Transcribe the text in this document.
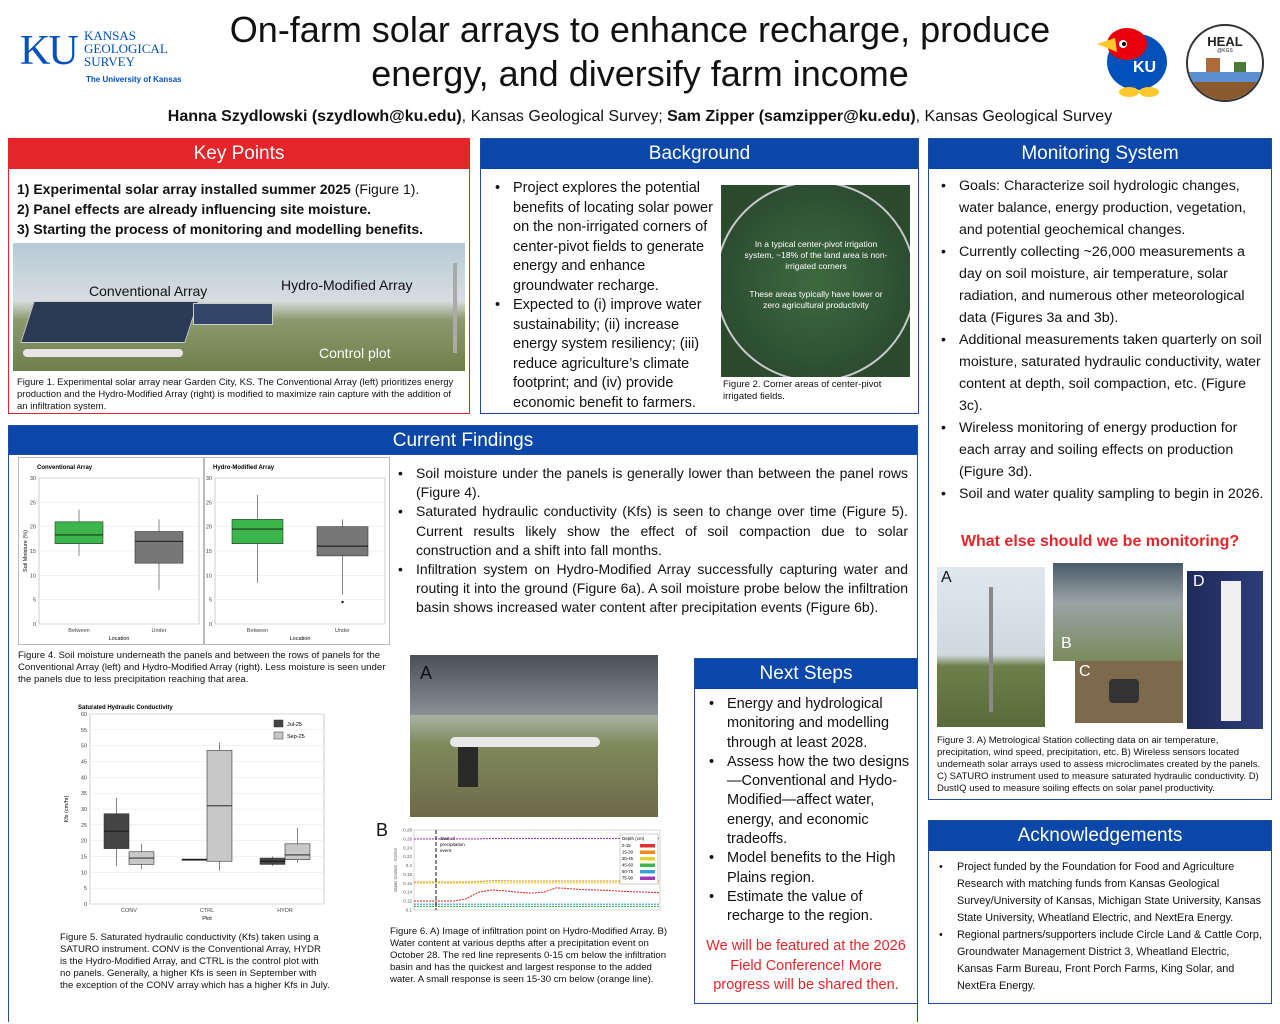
KU KANSAS
GEOLOGICAL
SURVEY
The University of Kansas
On-farm solar arrays to enhance recharge, produce
energy, and diversify farm income
Hanna Szydlowski (szydlowh@ku.edu), Kansas Geological Survey; Sam Zipper (samzipper@ku.edu), Kansas Geological Survey
KU
HEAL
@KGS
Key Points
1) Experimental solar array installed summer 2025 (Figure 1).
2) Panel effects are already influencing site moisture.
3) Starting the process of monitoring and modelling benefits.
Conventional Array	Hydro-Modified Array
Control plot
Figure 1. Experimental solar array near Garden City, KS. The Conventional Array (left) prioritizes energy production and the Hydro-Modified Array (right) is modified to maximize rain capture with the addition of an infiltration system.
Background
• Project explores the potential benefits of locating solar power on the non-irrigated corners of center-pivot fields to generate energy and enhance groundwater recharge.
• Expected to (i) improve water sustainability; (ii) increase energy system resiliency; (iii) reduce agriculture’s climate footprint; and (iv) provide economic benefit to farmers.
In a typical center-pivot irrigation system, ~18% of the land area is non-irrigated corners
These areas typically have lower or zero agricultural productivity
Figure 2. Corner areas of center-pivot irrigated fields.
Monitoring System
• Goals: Characterize soil hydrologic changes, water balance, energy production, vegetation, and potential geochemical changes.
• Currently collecting ~26,000 measurements a day on soil moisture, air temperature, solar radiation, and numerous other meteorological data (Figures 3a and 3b).
• Additional measurements taken quarterly on soil moisture, saturated hydraulic conductivity, water content at depth, soil compaction, etc. (Figure 3c).
• Wireless monitoring of energy production for each array and soiling effects on production (Figure 3d).
• Soil and water quality sampling to begin in 2026.
What else should we be monitoring?
A
B
C
D
Figure 3. A) Metrological Station collecting data on air temperature, precipitation, wind speed, precipitation, etc. B) Wireless sensors located underneath solar arrays used to assess microclimates created by the panels. C) SATURO instrument used to measure saturated hydraulic conductivity. D) DustIQ used to measure soiling effects on solar panel productivity.
Current Findings
Conventional Array
0
5
10
15
20
25
30
Between	Under
Location
Soil Moisture (%)
Hydro-Modified Array
0
5
10
15
20
25
30
Between	Under
Location
Figure 4. Soil moisture underneath the panels and between the rows of panels for the Conventional Array (left) and Hydro-Modified Array (right). Less moisture is seen under the panels due to less precipitation reaching that area.
• Soil moisture under the panels is generally lower than between the panel rows (Figure 4).
• Saturated hydraulic conductivity (Kfs) is seen to change over time (Figure 5). Current results likely show the effect of soil compaction due to solar construction and a shift into fall months.
• Infiltration system on Hydro-Modified Array successfully capturing water and routing it into the ground (Figure 6a). A soil moisture probe below the infiltration basin shows increased water content after precipitation events (Figure 6b).
Saturated Hydraulic Conductivity
0
5
10
15
20
25
30
35
40
45
50
55
60
CONV	CTRL	HYDR
Plot
Kfs (cm/hr)
Jul-25
Sep-25
Figure 5. Saturated hydraulic conductivity (Kfs) taken using a SATURO instrument. CONV is the Conventional Array, HYDR is the Hydro-Modified Array, and CTRL is the control plot with no panels. Generally, a higher Kfs is seen in September with the exception of the CONV array which has a higher Kfs in July.
A
B	0.28
0.26
0.24
0.22
0.2
0.18
0.16
0.14
0.12
0.1
Water Content - m3/m3
Start of precipitation event
Depth (cm)
0-15
15-30
30-45
45-60
60-75
75-90
Figure 6. A) Image of infiltration point on Hydro-Modified Array. B) Water content at various depths after a precipitation event on October 28. The red line represents 0-15 cm below the infiltration basin and has the quickest and largest response to the added water. A small response is seen 15-30 cm below (orange line).
Next Steps
• Energy and hydrological monitoring and modelling through at least 2028.
• Assess how the two designs—Conventional and Hydo-Modified—affect water, energy, and economic tradeoffs.
• Model benefits to the High Plains region.
• Estimate the value of recharge to the region.
We will be featured at the 2026 Field Conference! More progress will be shared then.
Acknowledgements
• Project funded by the Foundation for Food and Agriculture Research with matching funds from Kansas Geological Survey/University of Kansas, Michigan State University, Kansas State University, Wheatland Electric, and NextEra Energy.
• Regional partners/supporters include Circle Land & Cattle Corp, Groundwater Management District 3, Wheatland Electric, Kansas Farm Bureau, Front Porch Farms, King Solar, and NextEra Energy.
